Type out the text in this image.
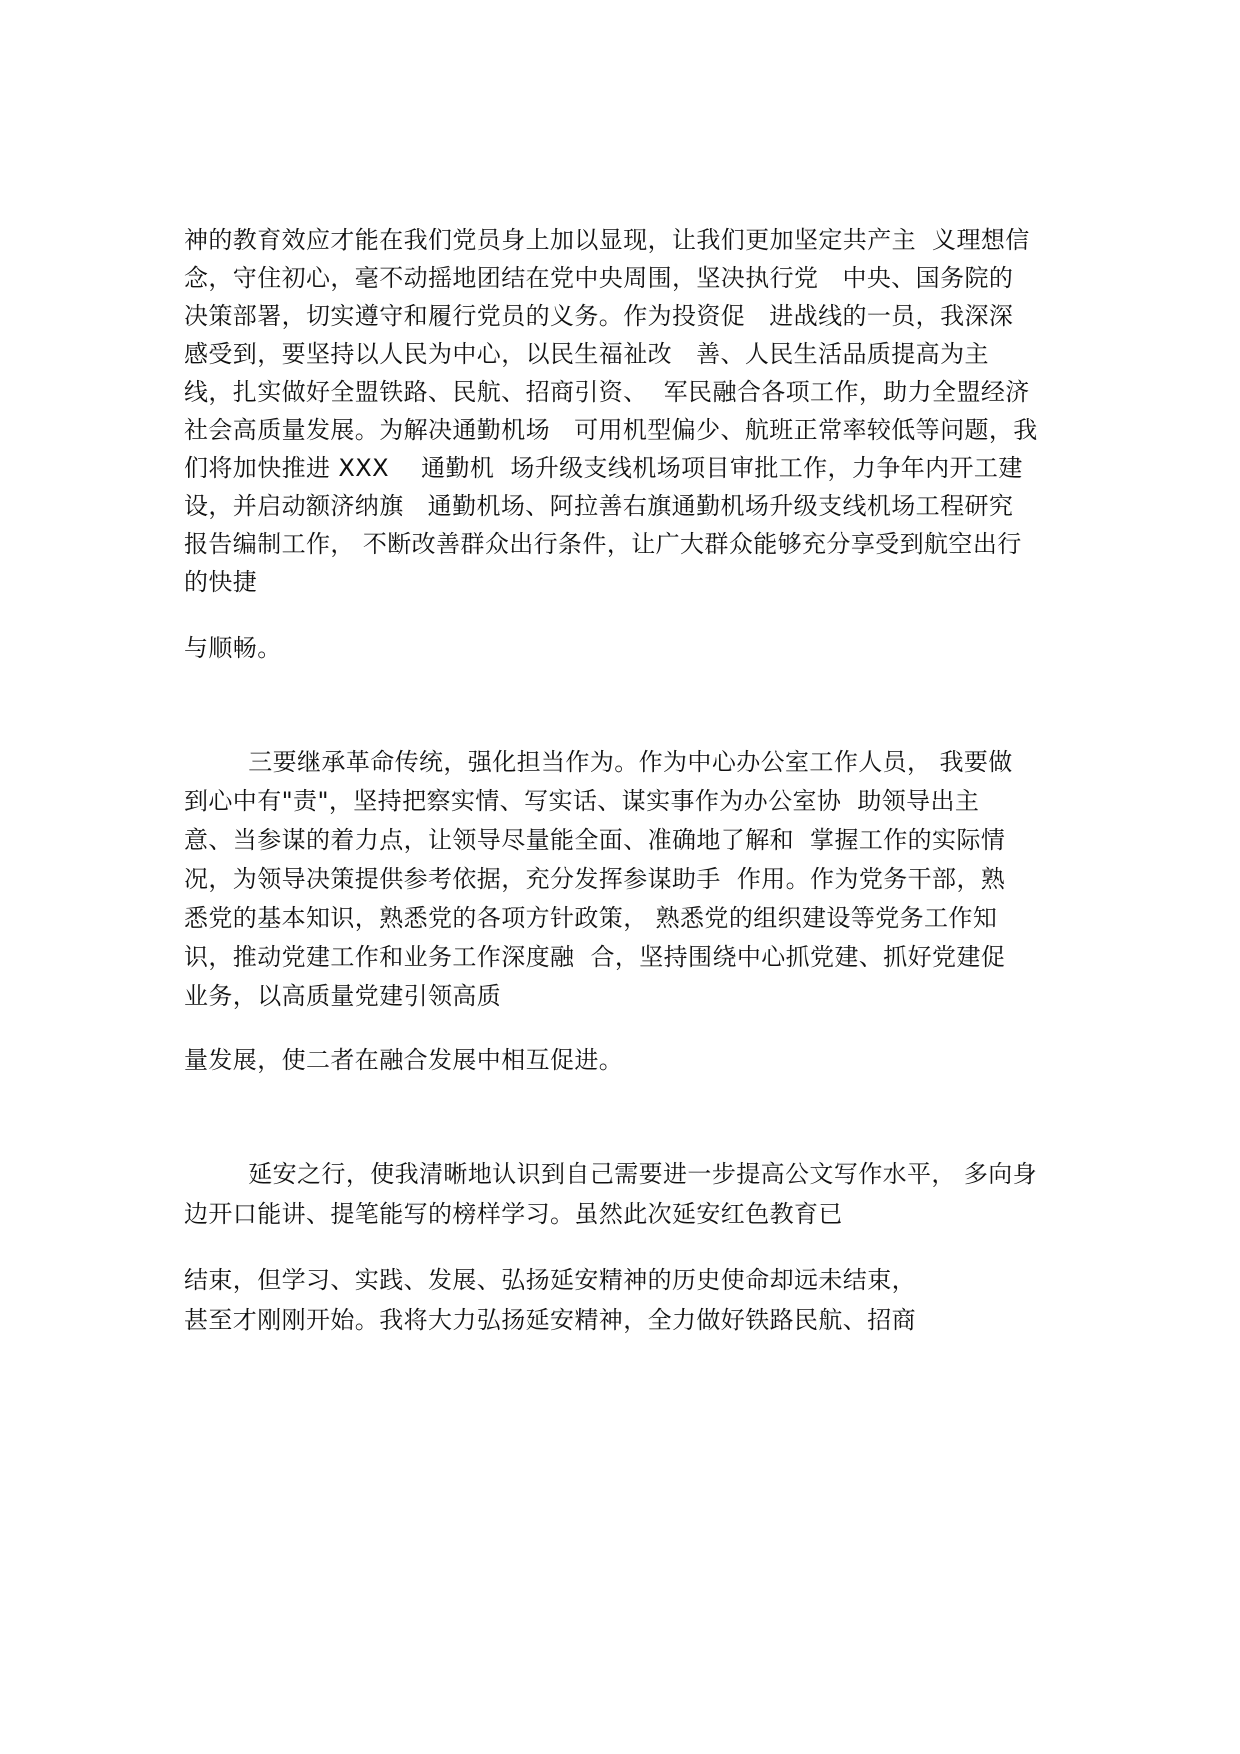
神的教育效应才能在我们党员身上加以显现，让我们更加坚定共产主  义理想信
念，守住初心，毫不动摇地团结在党中央周围，坚决执行党   中央、国务院的
决策部署，切实遵守和履行党员的义务。作为投资促   进战线的一员，我深深
感受到，要坚持以人民为中心，以民生福祉改   善、人民生活品质提高为主
线，扎实做好全盟铁路、民航、招商引资、  军民融合各项工作，助力全盟经济
社会高质量发展。为解决通勤机场   可用机型偏少、航班正常率较低等问题，我
们将加快推进 XXX    通勤机  场升级支线机场项目审批工作，力争年内开工建
设，并启动额济纳旗   通勤机场、阿拉善右旗通勤机场升级支线机场工程研究
报告编制工作， 不断改善群众出行条件，让广大群众能够充分享受到航空出行
的快捷
与顺畅。
三要继承革命传统，强化担当作为。作为中心办公室工作人员， 我要做
到心中有"责"，坚持把察实情、写实话、谋实事作为办公室协  助领导出主
意、当参谋的着力点，让领导尽量能全面、准确地了解和  掌握工作的实际情
况，为领导决策提供参考依据，充分发挥参谋助手  作用。作为党务干部，熟
悉党的基本知识，熟悉党的各项方针政策， 熟悉党的组织建设等党务工作知
识，推动党建工作和业务工作深度融  合，坚持围绕中心抓党建、抓好党建促
业务，以高质量党建引领高质
量发展，使二者在融合发展中相互促进。
延安之行，使我清晰地认识到自己需要进一步提高公文写作水平， 多向身
边开口能讲、提笔能写的榜样学习。虽然此次延安红色教育已
结束，但学习、实践、发展、弘扬延安精神的历史使命却远未结束，
甚至才刚刚开始。我将大力弘扬延安精神，全力做好铁路民航、招商
